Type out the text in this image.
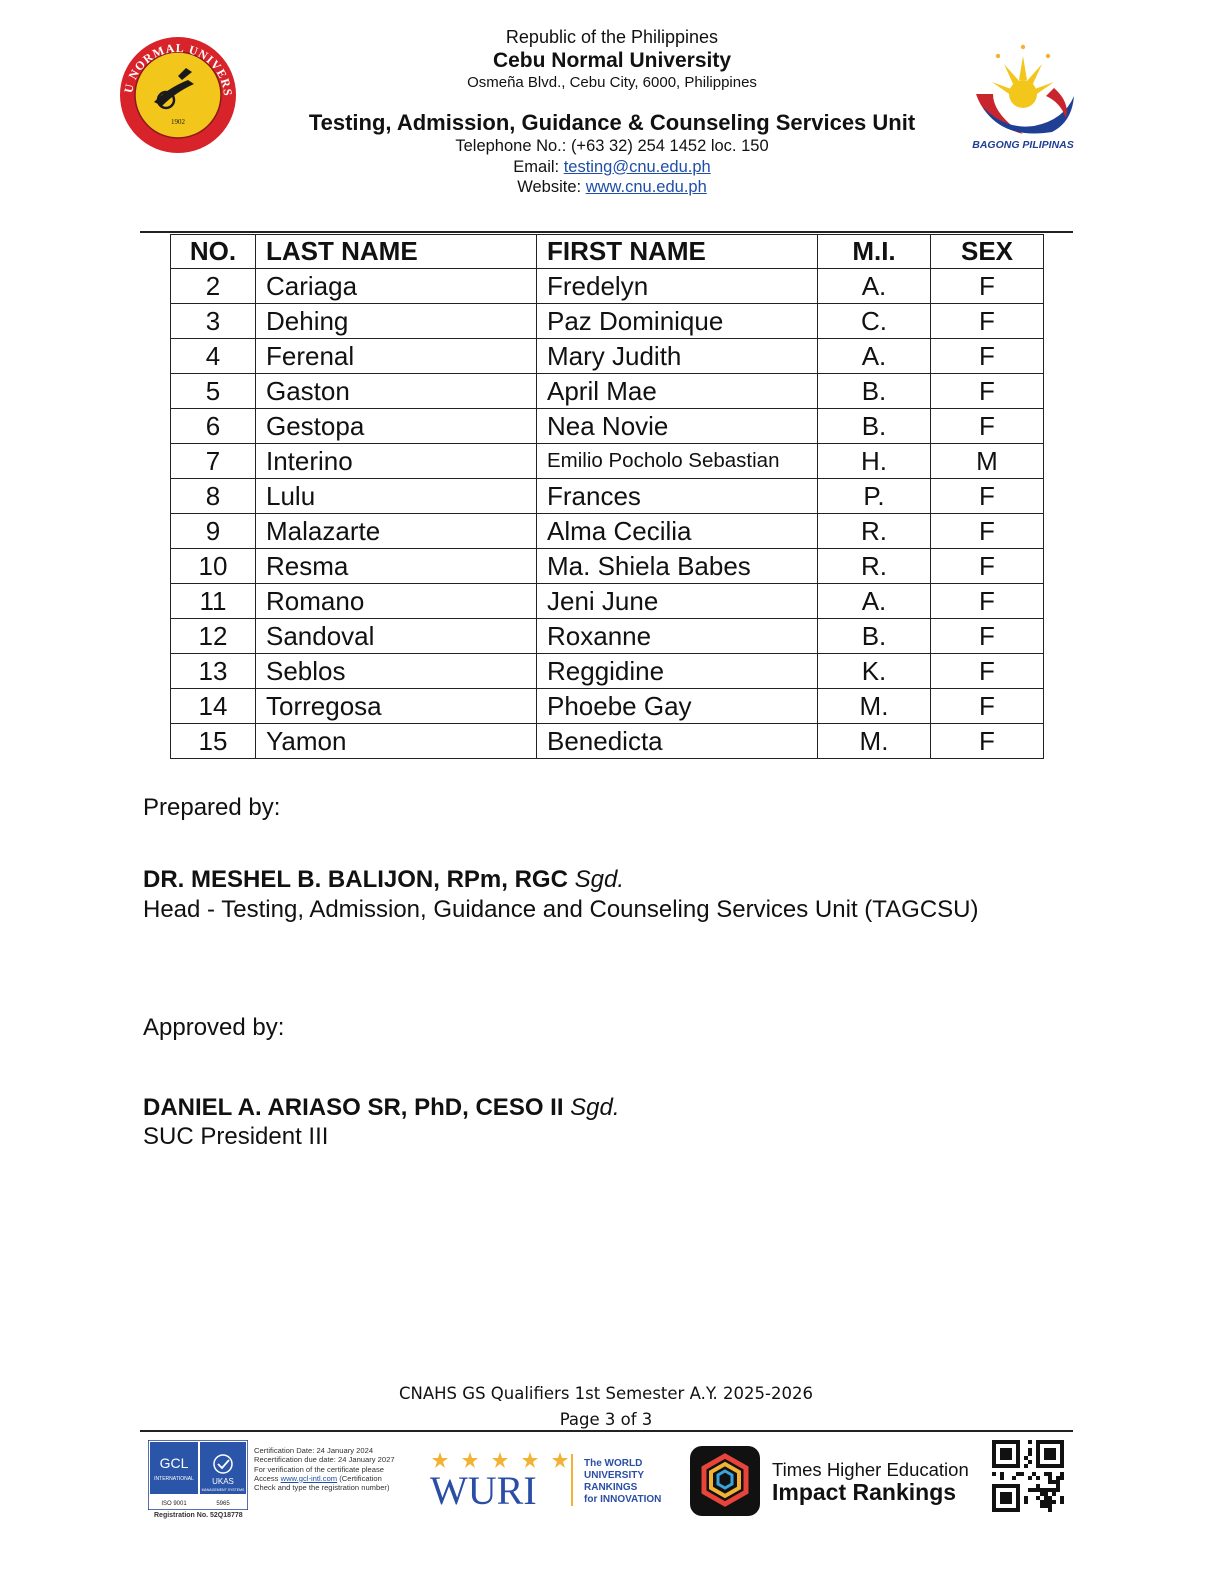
U NORMAL UNIVERS
1902
Republic of the Philippines
Cebu Normal University
Osmeña Blvd., Cebu City, 6000, Philippines
Testing, Admission, Guidance & Counseling Services Unit
Telephone No.: (+63 32) 254 1452 loc. 150
Email: testing@cnu.edu.ph
Website: www.cnu.edu.ph
BAGONG PILIPINAS
NO.	LAST NAME	FIRST NAME	M.I.	SEX
2	Cariaga	Fredelyn	A.	F
3	Dehing	Paz Dominique	C.	F
4	Ferenal	Mary Judith	A.	F
5	Gaston	April Mae	B.	F
6	Gestopa	Nea Novie	B.	F
7	Interino	Emilio Pocholo Sebastian	H.	M
8	Lulu	Frances	P.	F
9	Malazarte	Alma Cecilia	R.	F
10	Resma	Ma. Shiela Babes	R.	F
11	Romano	Jeni June	A.	F
12	Sandoval	Roxanne	B.	F
13	Seblos	Reggidine	K.	F
14	Torregosa	Phoebe Gay	M.	F
15	Yamon	Benedicta	M.	F
Prepared by:
DR. MESHEL B. BALIJON, RPm, RGC Sgd.
Head - Testing, Admission, Guidance and Counseling Services Unit (TAGCSU)
Approved by:
DANIEL A. ARIASO SR, PhD, CESO II Sgd.
SUC President III
CNAHS GS Qualifiers 1st Semester A.Y. 2025-2026
Page 3 of 3
GCL
INTERNATIONAL UKAS
MANAGEMENT SYSTEMS
ISO 9001	5965
Registration No. 52Q18778
Certification Date: 24 January 2024
Recertification due date: 24 January 2027
For verification of the certificate please
Access www.gcl-intl.com (Certification
Check and type the registration number) WURI
The WORLD
UNIVERSITY
RANKINGS
for INNOVATION
Times Higher Education
Impact Rankings
